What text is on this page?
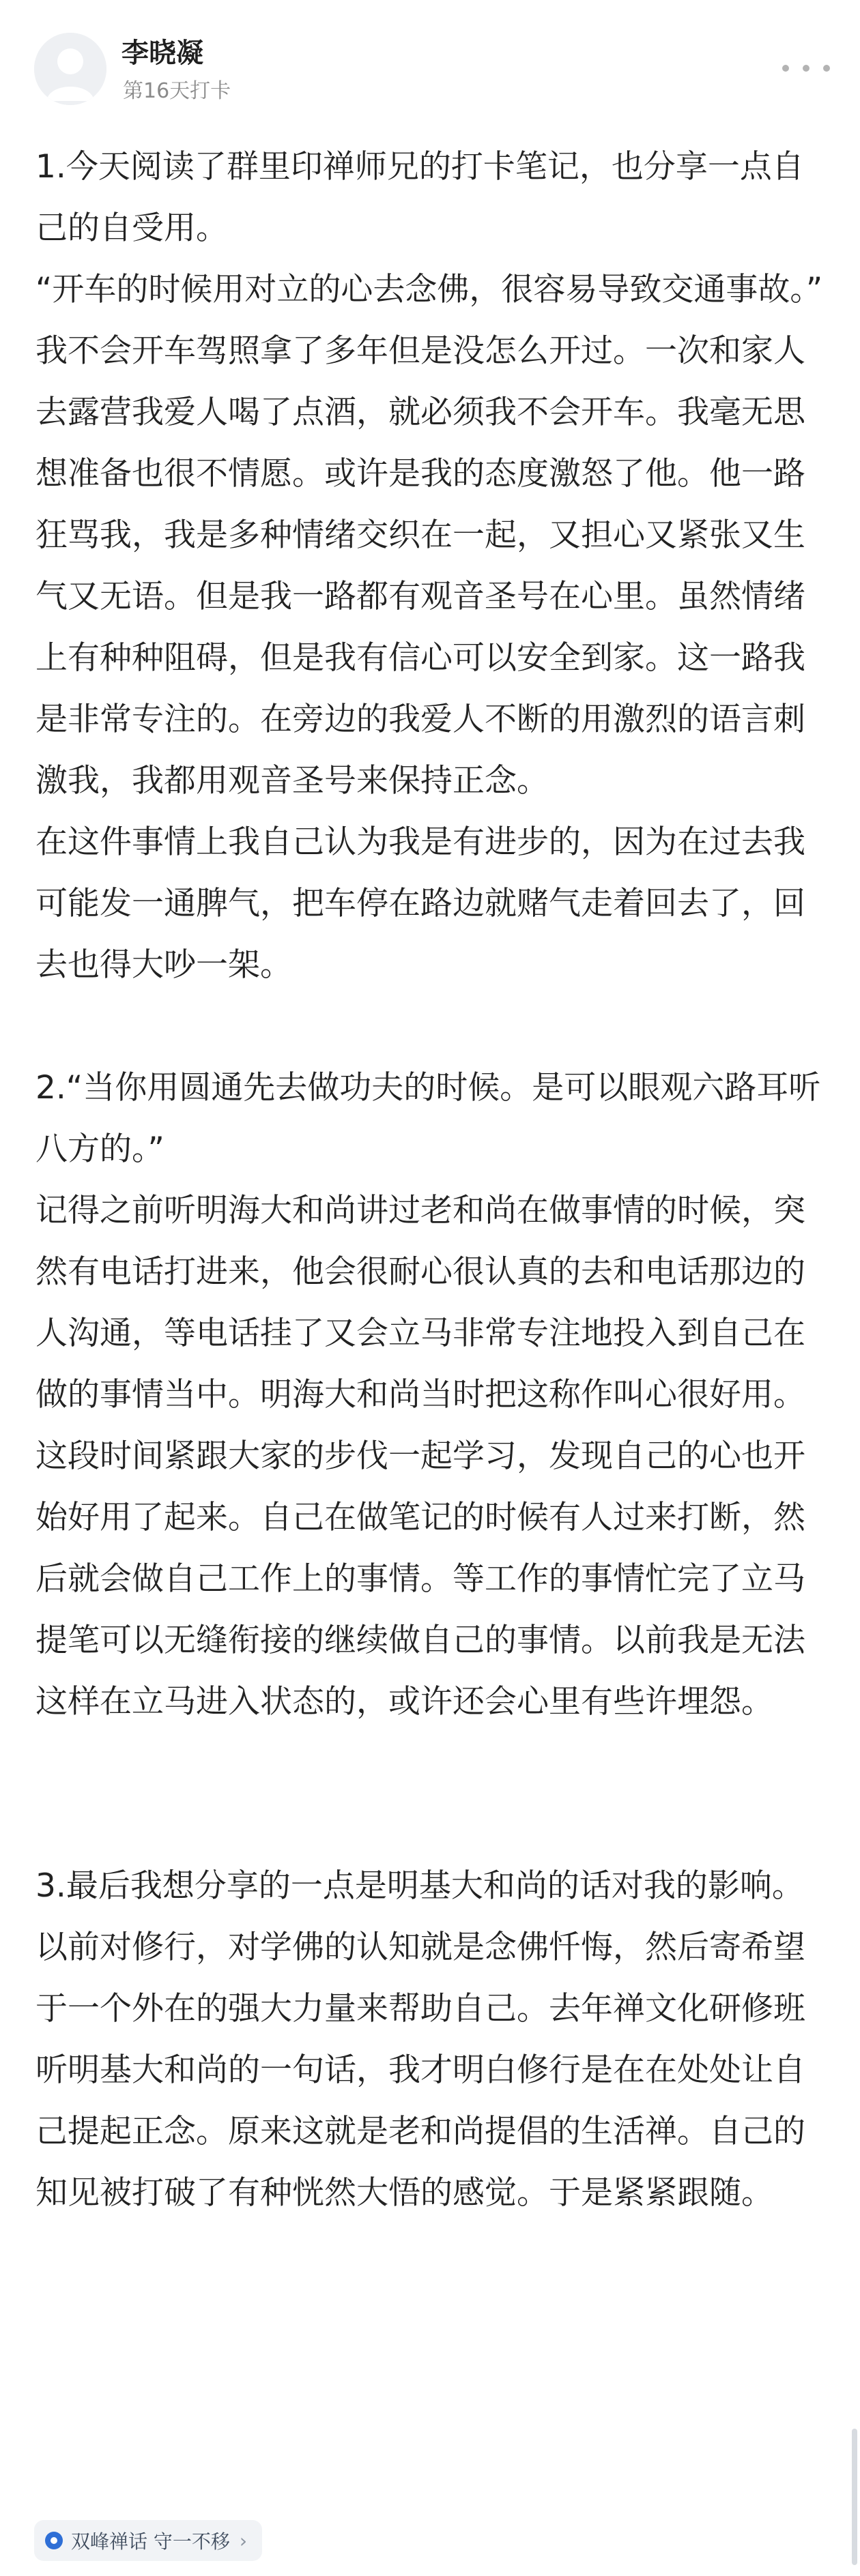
李晓凝
第16天打卡

1.今天阅读了群里印禅师兄的打卡笔记，也分享一点自己的自受用。

“开车的时候用对立的心去念佛，很容易导致交通事故。”

我不会开车驾照拿了多年但是没怎么开过。一次和家人去露营我爱人喝了点酒，就必须我不会开车。我毫无思想准备也很不情愿。或许是我的态度激怒了他。他一路狂骂我，我是多种情绪交织在一起，又担心又紧张又生气又无语。但是我一路都有观音圣号在心里。虽然情绪上有种种阻碍，但是我有信心可以安全到家。这一路我是非常专注的。在旁边的我爱人不断的用激烈的语言刺激我，我都用观音圣号来保持正念。

在这件事情上我自己认为我是有进步的，因为在过去我可能发一通脾气，把车停在路边就赌气走着回去了，回去也得大吵一架。

2.“当你用圆通先去做功夫的时候。是可以眼观六路耳听八方的。”

记得之前听明海大和尚讲过老和尚在做事情的时候，突然有电话打进来，他会很耐心很认真的去和电话那边的人沟通，等电话挂了又会立马非常专注地投入到自己在做的事情当中。明海大和尚当时把这称作叫心很好用。这段时间紧跟大家的步伐一起学习，发现自己的心也开始好用了起来。自己在做笔记的时候有人过来打断，然后就会做自己工作上的事情。等工作的事情忙完了立马提笔可以无缝衔接的继续做自己的事情。以前我是无法这样在立马进入状态的，或许还会心里有些许埋怨。

3.最后我想分享的一点是明基大和尚的话对我的影响。以前对修行，对学佛的认知就是念佛忏悔，然后寄希望于一个外在的强大力量来帮助自己。去年禅文化研修班听明基大和尚的一句话，我才明白修行是在在处处让自己提起正念。原来这就是老和尚提倡的生活禅。自己的知见被打破了有种恍然大悟的感觉。于是紧紧跟随。

双峰禅话 守一不移 ›
